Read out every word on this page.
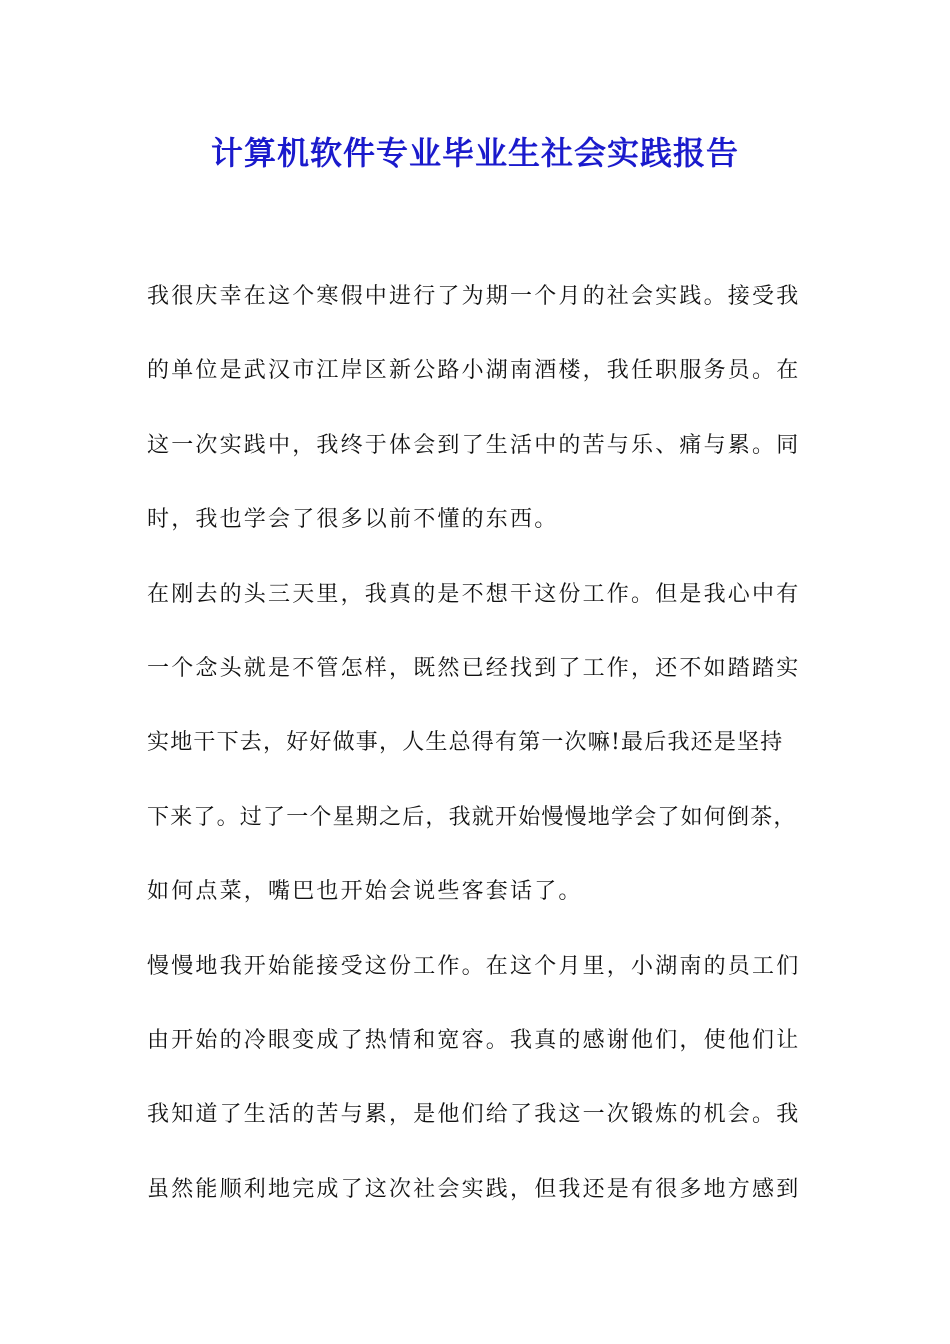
计算机软件专业毕业生社会实践报告
我很庆幸在这个寒假中进行了为期一个月的社会实践。接受我
的单位是武汉市江岸区新公路小湖南酒楼，我任职服务员。在
这一次实践中，我终于体会到了生活中的苦与乐、痛与累。同
时，我也学会了很多以前不懂的东西。
在刚去的头三天里，我真的是不想干这份工作。但是我心中有
一个念头就是不管怎样，既然已经找到了工作，还不如踏踏实
实地干下去，好好做事，人生总得有第一次嘛!最后我还是坚持
下来了。过了一个星期之后，我就开始慢慢地学会了如何倒茶，
如何点菜，嘴巴也开始会说些客套话了。
慢慢地我开始能接受这份工作。在这个月里，小湖南的员工们
由开始的冷眼变成了热情和宽容。我真的感谢他们，使他们让
我知道了生活的苦与累，是他们给了我这一次锻炼的机会。我
虽然能顺利地完成了这次社会实践，但我还是有很多地方感到
